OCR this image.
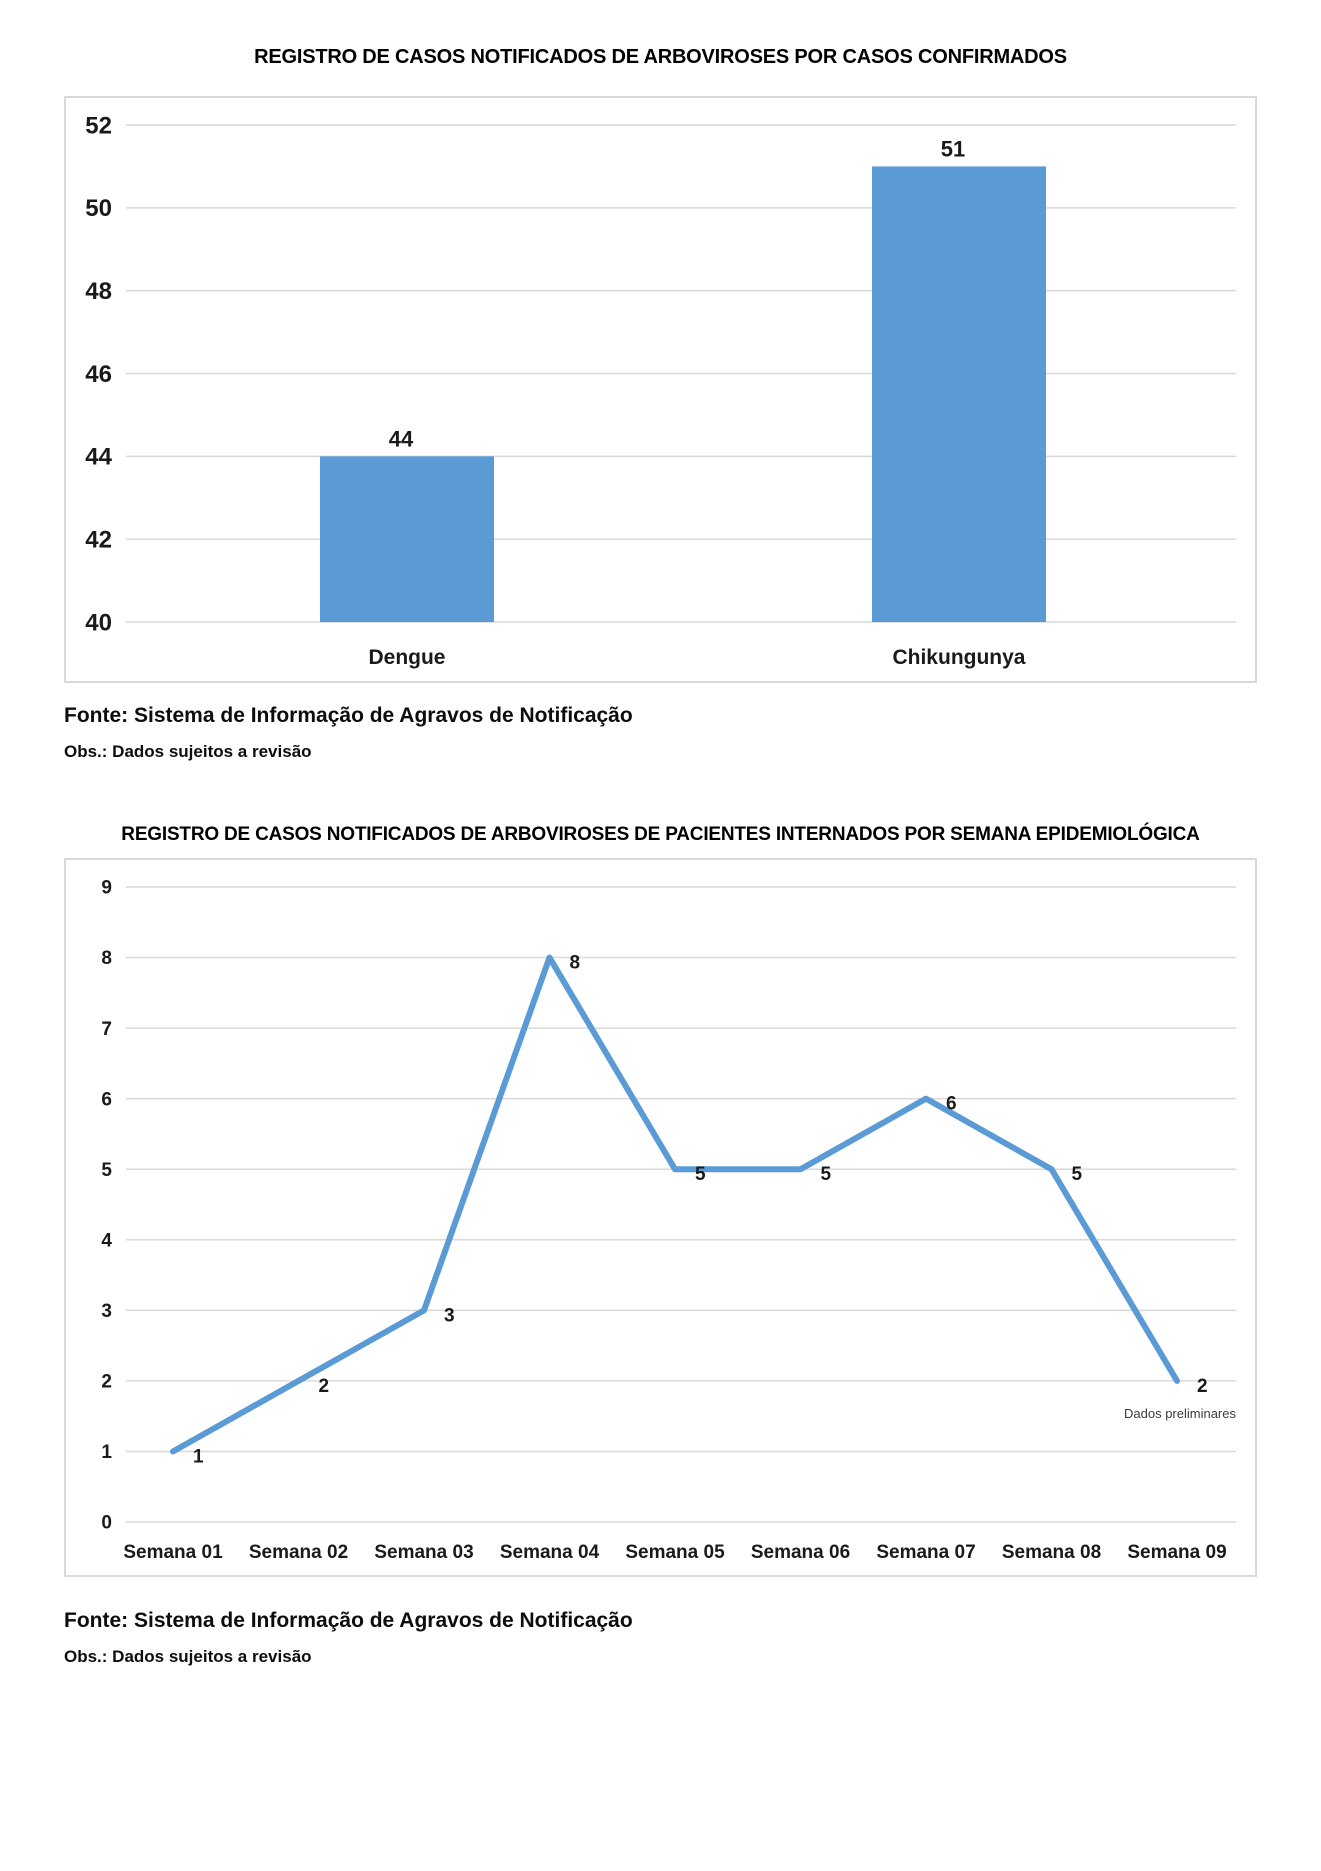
REGISTRO DE CASOS NOTIFICADOS DE ARBOVIROSES POR CASOS CONFIRMADOS
40
42
44
46
48
50
52
44
Dengue
51
Chikungunya
Fonte: Sistema de Informação de Agravos de Notificação
Obs.: Dados sujeitos a revisão
REGISTRO DE CASOS NOTIFICADOS DE ARBOVIROSES DE PACIENTES INTERNADOS POR SEMANA EPIDEMIOLÓGICA
0
1
2
3
4
5
6
7
8
9
1
Semana 01
2
Semana 02
3
Semana 03
8
Semana 04
5
Semana 05
5
Semana 06
6
Semana 07
5
Semana 08
2
Semana 09
Dados preliminares
Fonte: Sistema de Informação de Agravos de Notificação
Obs.: Dados sujeitos a revisão
